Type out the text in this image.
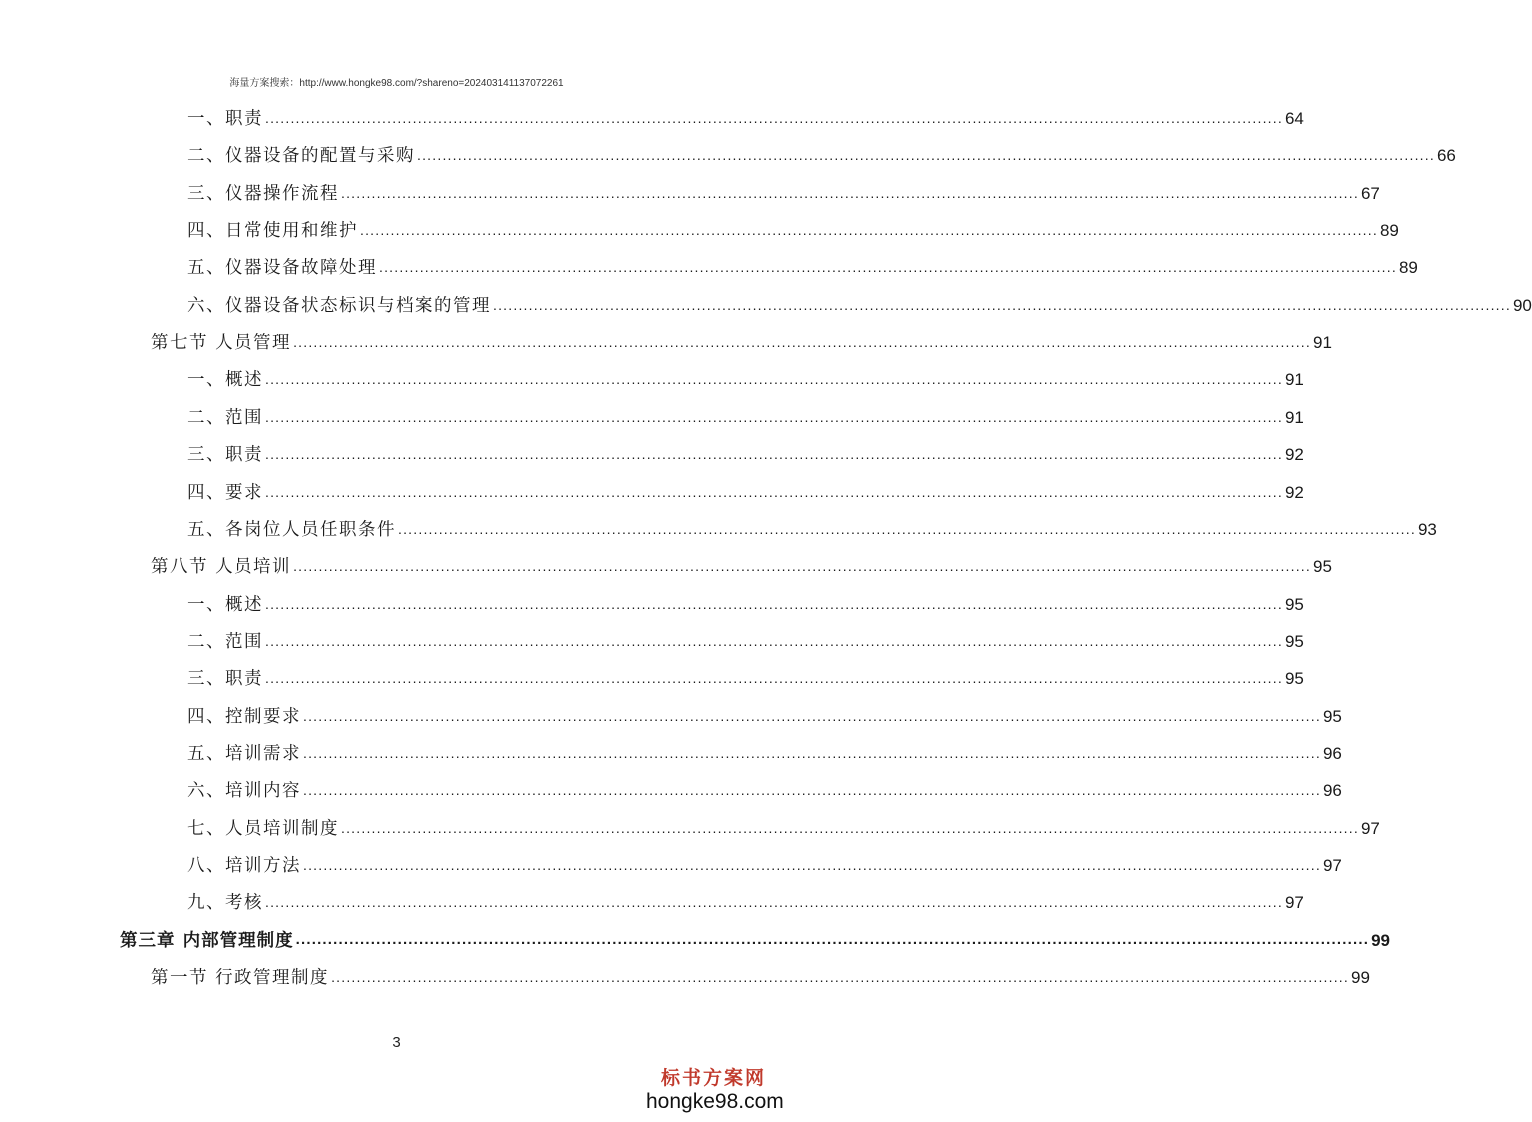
海量方案搜索：http://www.hongke98.com/?shareno=202403141137072261
一、职责 ........................................................................................................................................................................................................ 64
二、仪器设备的配置与采购 ........................................................................................................................................................................................................ 66
三、仪器操作流程 ........................................................................................................................................................................................................ 67
四、日常使用和维护 ........................................................................................................................................................................................................ 89
五、仪器设备故障处理 ........................................................................................................................................................................................................ 89
六、仪器设备状态标识与档案的管理 ........................................................................................................................................................................................................ 90
第七节 人员管理 ........................................................................................................................................................................................................ 91
一、概述 ........................................................................................................................................................................................................ 91
二、范围 ........................................................................................................................................................................................................ 91
三、职责 ........................................................................................................................................................................................................ 92
四、要求 ........................................................................................................................................................................................................ 92
五、各岗位人员任职条件 ........................................................................................................................................................................................................ 93
第八节 人员培训 ........................................................................................................................................................................................................ 95
一、概述 ........................................................................................................................................................................................................ 95
二、范围 ........................................................................................................................................................................................................ 95
三、职责 ........................................................................................................................................................................................................ 95
四、控制要求 ........................................................................................................................................................................................................ 95
五、培训需求 ........................................................................................................................................................................................................ 96
六、培训内容 ........................................................................................................................................................................................................ 96
七、人员培训制度 ........................................................................................................................................................................................................ 97
八、培训方法 ........................................................................................................................................................................................................ 97
九、考核 ........................................................................................................................................................................................................ 97
第三章 内部管理制度 ........................................................................................................................................................................................................ 99
第一节 行政管理制度 ........................................................................................................................................................................................................ 99
3
标书方案网
hongke98.com
